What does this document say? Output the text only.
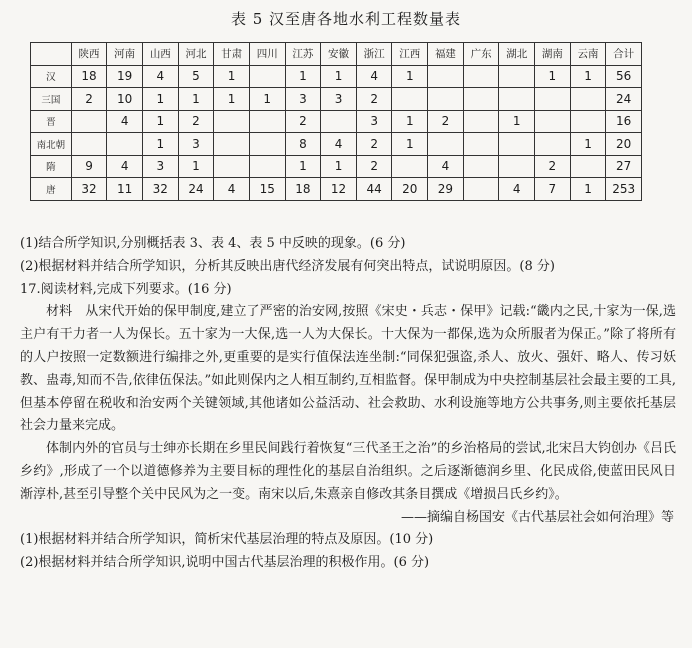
表 5 汉至唐各地水利工程数量表
	陕西	河南	山西	河北	甘肃	四川	江苏	安徽	浙江	江西	福建	广东	湖北	湖南	云南	合计
汉	18	19	4	5	1		1	1	4	1				1	1	56
三国	2	10	1	1	1	1	3	3	2							24
晋		4	1	2			2		3	1	2		1			16
南北朝			1	3			8	4	2	1					1	20
隋	9	4	3	1			1	1	2		4			2		27
唐	32	11	32	24	4	15	18	12	44	20	29		4	7	1	253

(1)结合所学知识,分别概括表 3、表 4、表 5 中反映的现象。(6 分)

(2)根据材料并结合所学知识，分析其反映出唐代经济发展有何突出特点，试说明原因。(8 分)

17.阅读材料,完成下列要求。(16 分)

材料　从宋代开始的保甲制度,建立了严密的治安网,按照《宋史・兵志・保甲》记载:“畿内之民,十家为一保,选主户有干力者一人为保长。五十家为一大保,选一人为大保长。十大保为一都保,选为众所服者为保正。”除了将所有的人户按照一定数额进行编排之外,更重要的是实行值保法连坐制:“同保犯强盗,杀人、放火、强奸、略人、传习妖教、蛊毒,知而不告,依律伍保法。”如此则保内之人相互制约,互相监督。保甲制成为中央控制基层社会最主要的工具,但基本停留在税收和治安两个关键领域,其他诸如公益活动、社会救助、水利设施等地方公共事务,则主要依托基层社会力量来完成。

体制内外的官员与士绅亦长期在乡里民间践行着恢复“三代圣王之治”的乡治格局的尝试,北宋吕大钧创办《吕氏乡约》,形成了一个以道德修养为主要目标的理性化的基层自治组织。之后逐渐德润乡里、化民成俗,使蓝田民风日渐淳朴,甚至引导整个关中民风为之一变。南宋以后,朱熹亲自修改其条目撰成《增损吕氏乡约》。

——摘编自杨国安《古代基层社会如何治理》等

(1)根据材料并结合所学知识，简析宋代基层治理的特点及原因。(10 分)

(2)根据材料并结合所学知识,说明中国古代基层治理的积极作用。(6 分)
